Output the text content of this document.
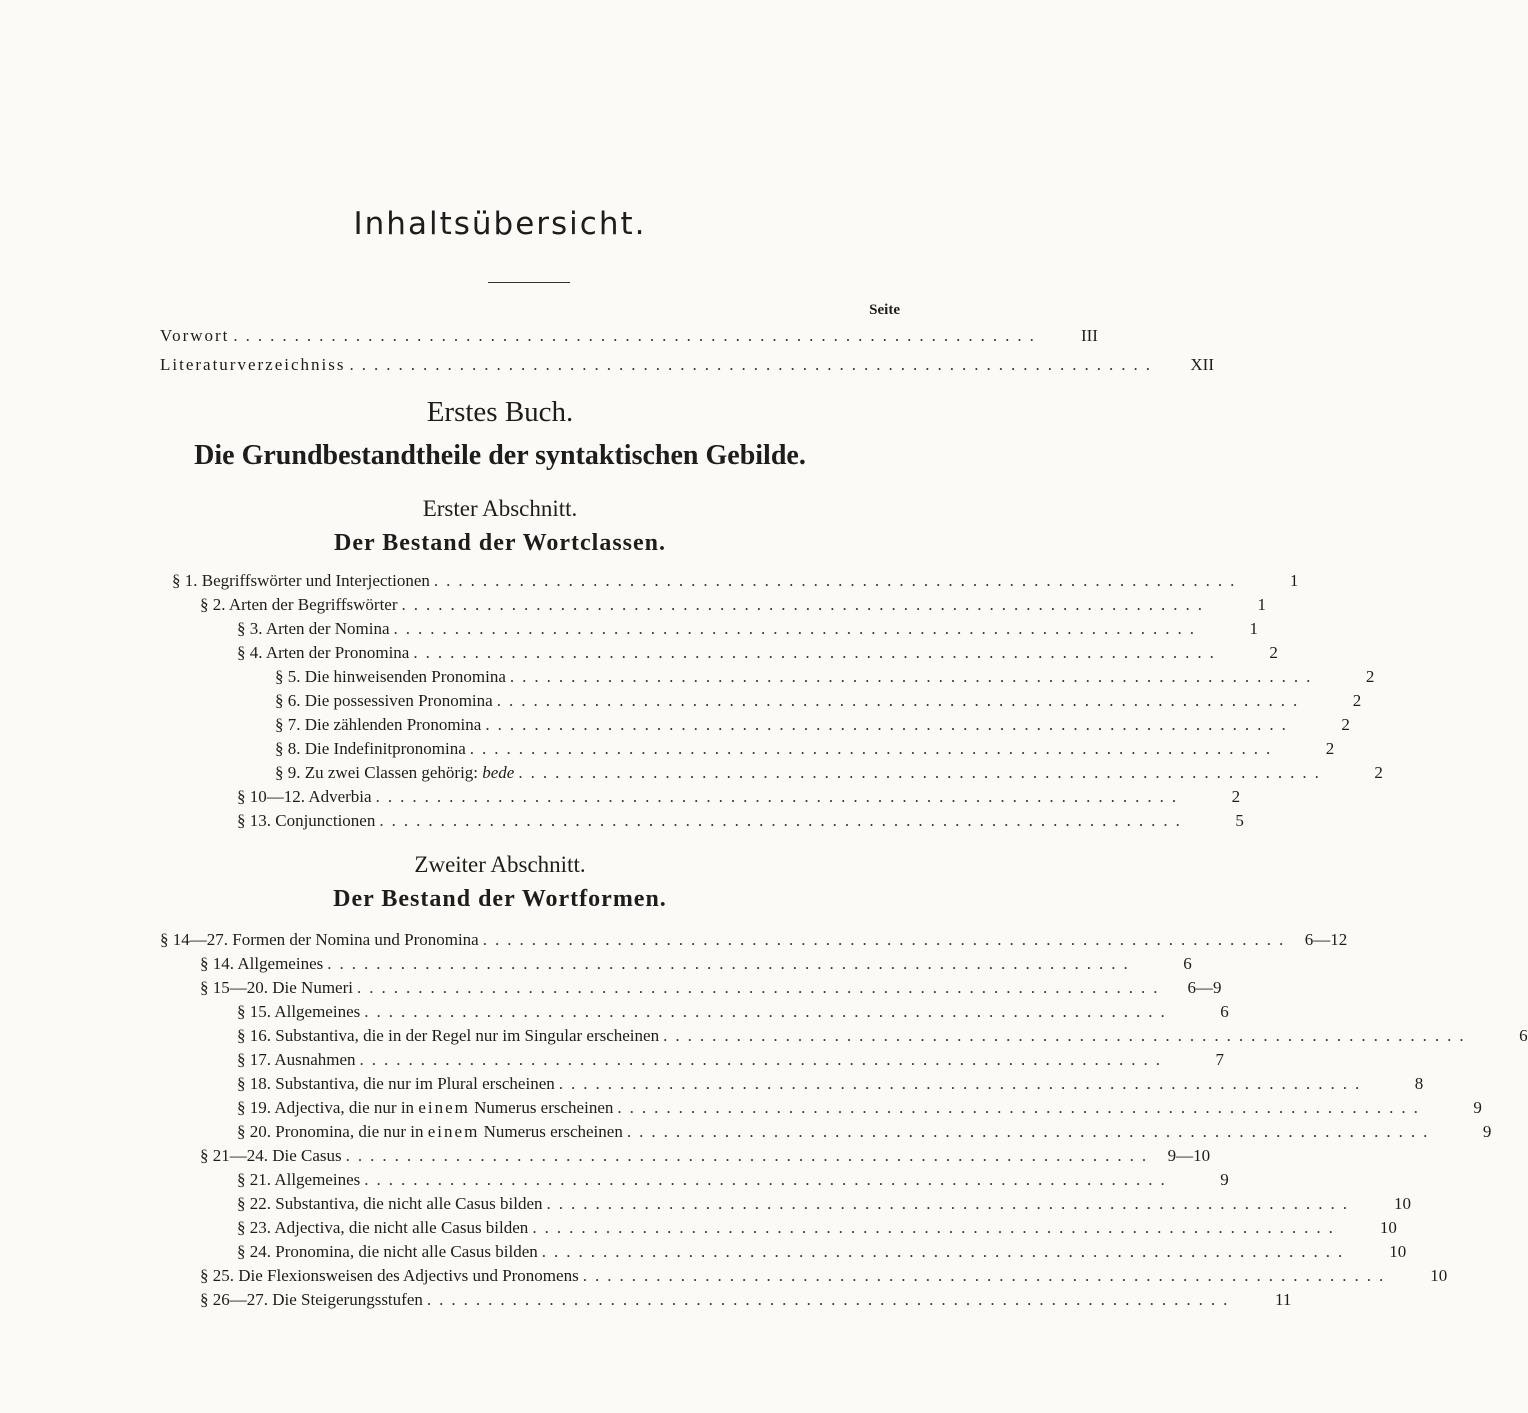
Inhaltsübersicht.
Seite
Vorwort ..................................................................	III
Literaturverzeichniss ..................................................................	XII
Erstes Buch.
Die Grundbestandtheile der syntaktischen Gebilde.
Erster Abschnitt.
Der Bestand der Wortclassen.
§ 1. Begriffswörter und Interjectionen ..................................................................	1
§ 2. Arten der Begriffswörter ..................................................................	1
§ 3. Arten der Nomina ..................................................................	1
§ 4. Arten der Pronomina ..................................................................	2
§ 5. Die hinweisenden Pronomina ..................................................................	2
§ 6. Die possessiven Pronomina ..................................................................	2
§ 7. Die zählenden Pronomina ..................................................................	2
§ 8. Die Indefinitpronomina ..................................................................	2
§ 9. Zu zwei Classen gehörig: bede ..................................................................	2
§ 10—12. Adverbia ..................................................................	2
§ 13. Conjunctionen ..................................................................	5
Zweiter Abschnitt.
Der Bestand der Wortformen.
§ 14—27. Formen der Nomina und Pronomina .................................................................. 6—12
§ 14. Allgemeines ..................................................................	6
§ 15—20. Die Numeri ..................................................................	6—9
§ 15. Allgemeines ..................................................................	6
§ 16. Substantiva, die in der Regel nur im Singular erscheinen ..................................................................	6
§ 17. Ausnahmen ..................................................................	7
§ 18. Substantiva, die nur im Plural erscheinen ..................................................................	8
§ 19. Adjectiva, die nur in einem Numerus erscheinen ..................................................................	9
§ 20. Pronomina, die nur in einem Numerus erscheinen ..................................................................	9
§ 21—24. Die Casus .................................................................. 9—10
§ 21. Allgemeines ..................................................................	9
§ 22. Substantiva, die nicht alle Casus bilden ..................................................................	10
§ 23. Adjectiva, die nicht alle Casus bilden ..................................................................	10
§ 24. Pronomina, die nicht alle Casus bilden ..................................................................	10
§ 25. Die Flexionsweisen des Adjectivs und Pronomens ..................................................................	10
§ 26—27. Die Steigerungsstufen ..................................................................	11
